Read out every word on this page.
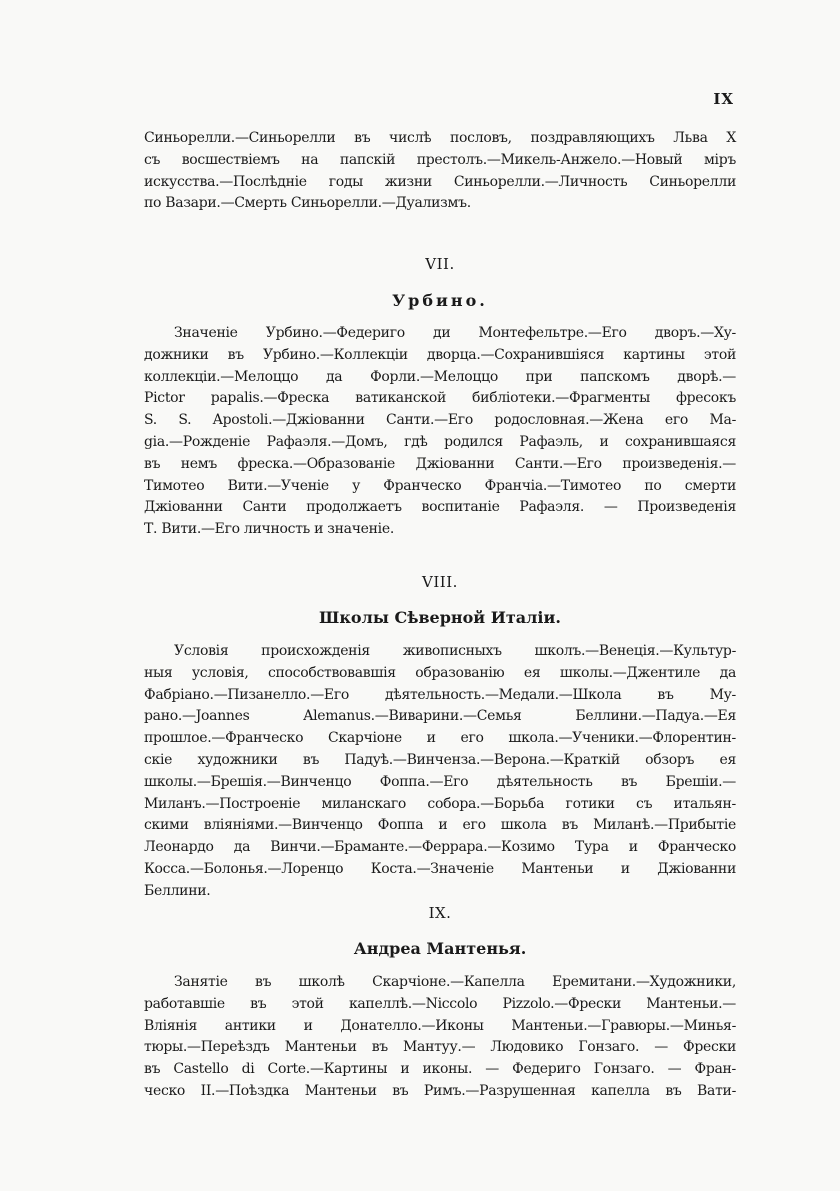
IX

Синьорелли.—Синьорелли въ числѣ пословъ, поздравляющихъ Льва X
съ восшествіемъ на папскій престолъ.—Микель-Анжело.—Новый міръ
искусства.—Послѣдніе годы жизни Синьорелли.—Личность Синьорелли
по Вазари.—Смерть Синьорелли.—Дуализмъ.

VII.
Урбино.

Значеніе Урбино.—Федериго ди Монтефельтре.—Его дворъ.—Ху-
дожники въ Урбино.—Коллекціи дворца.—Сохранившіяся картины этой
коллекціи.—Мелоццо да Форли.—Мелоццо при папскомъ дворѣ.—
Pictor papalis.—Фреска ватиканской библіотеки.—Фрагменты фресокъ
S. S. Apostoli.—Джіованни Санти.—Его родословная.—Жена его Ма-
gia.—Рожденіе Рафаэля.—Домъ, гдѣ родился Рафаэль, и сохранившаяся
въ немъ фреска.—Образованіе Джіованни Санти.—Его произведенія.—
Тимотео Вити.—Ученіе у Франческо Франчіа.—Тимотео по смерти
Джіованни Санти продолжаетъ воспитаніе Рафаэля. — Произведенія
Т. Вити.—Его личность и значеніе.

VIII.
Школы Сѣверной Италіи.

Условія происхожденія живописныхъ школъ.—Венеція.—Культур-
ныя условія, способствовавшія образованію ея школы.—Джентиле да
Фабріано.—Пизанелло.—Его дѣятельность.—Медали.—Школа въ Му-
рано.—Joannes Alemanus.—Виварини.—Семья Беллини.—Падуа.—Ея
прошлое.—Франческо Скарчіоне и его школа.—Ученики.—Флорентин-
скіе художники въ Падуѣ.—Винченза.—Верона.—Краткій обзоръ ея
школы.—Брешія.—Винченцо Фоппа.—Его дѣятельность въ Брешіи.—
Миланъ.—Построеніе миланскаго собора.—Борьба готики съ итальян-
скими вліяніями.—Винченцо Фоппа и его школа въ Миланѣ.—Прибытіе
Леонардо да Винчи.—Браманте.—Феррара.—Козимо Тура и Франческо
Косса.—Болонья.—Лоренцо Коста.—Значеніе Мантеньи и Джіованни
Беллини.

IX.
Андреа Мантенья.

Занятіе въ школѣ Скарчіоне.—Капелла Еремитани.—Художники,
работавшіе въ этой капеллѣ.—Niccolo Pizzolo.—Фрески Мантеньи.—
Вліянія антики и Донателло.—Иконы Мантеньи.—Гравюры.—Минья-
тюры.—Переѣздъ Мантеньи въ Мантуу.— Людовико Гонзаго. — Фрески
въ Castello di Corte.—Картины и иконы. — Федериго Гонзаго. — Фран-
ческо II.—Поѣздка Мантеньи въ Римъ.—Разрушенная капелла въ Вати-
